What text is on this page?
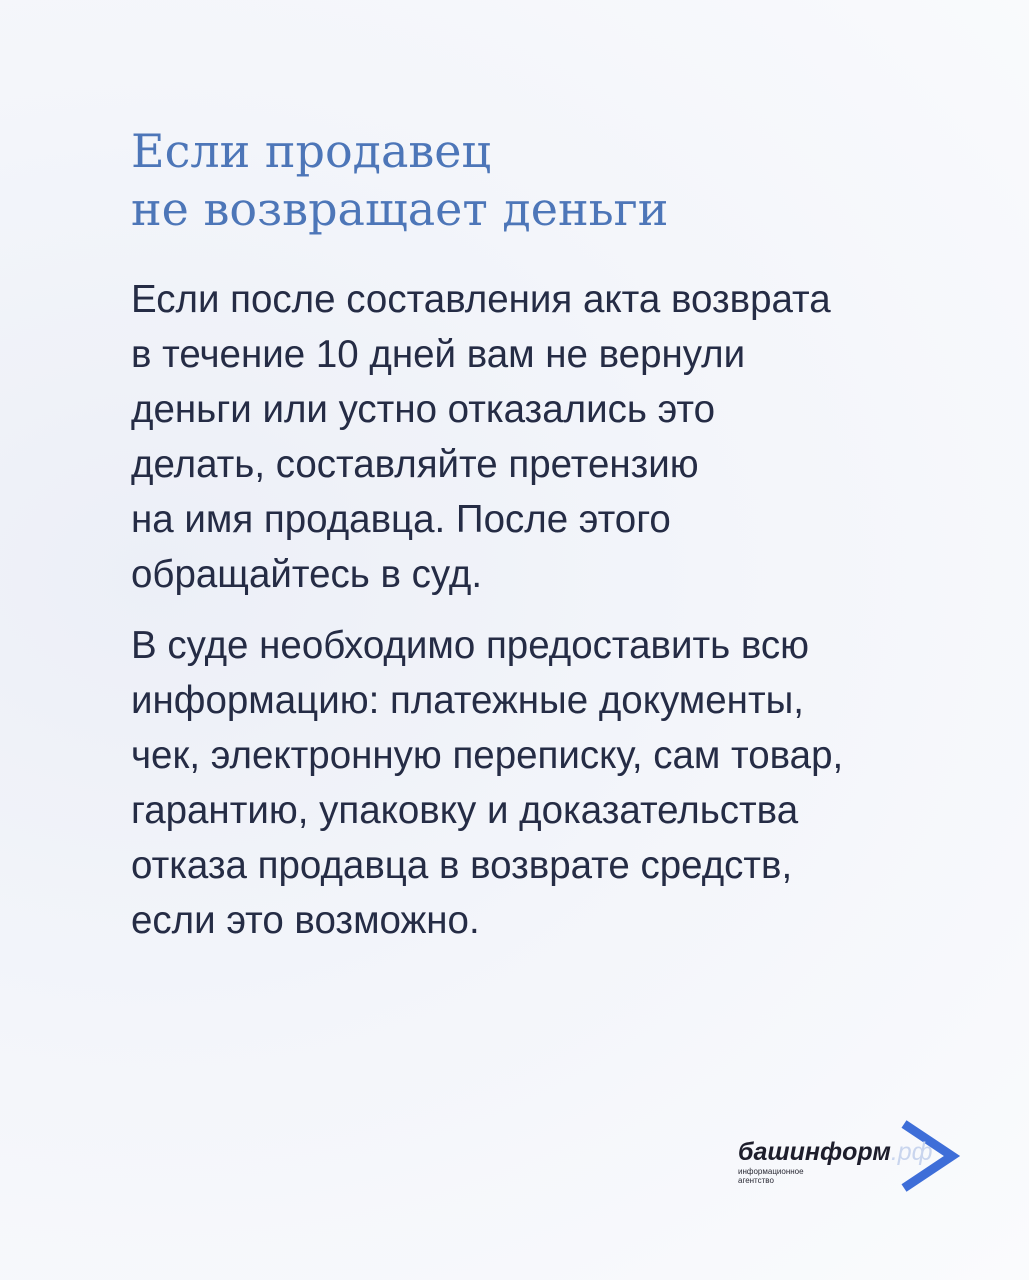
Если продавец
не возвращает деньги

Если после составления акта возврата
в течение 10 дней вам не вернули
деньги или устно отказались это
делать, составляйте претензию
на имя продавца. После этого
обращайтесь в суд.

В суде необходимо предоставить всю
информацию: платежные документы,
чек, электронную переписку, сам товар,
гарантию, упаковку и доказательства
отказа продавца в возврате средств,
если это возможно.

башинформ.рф
информационное
агентство
